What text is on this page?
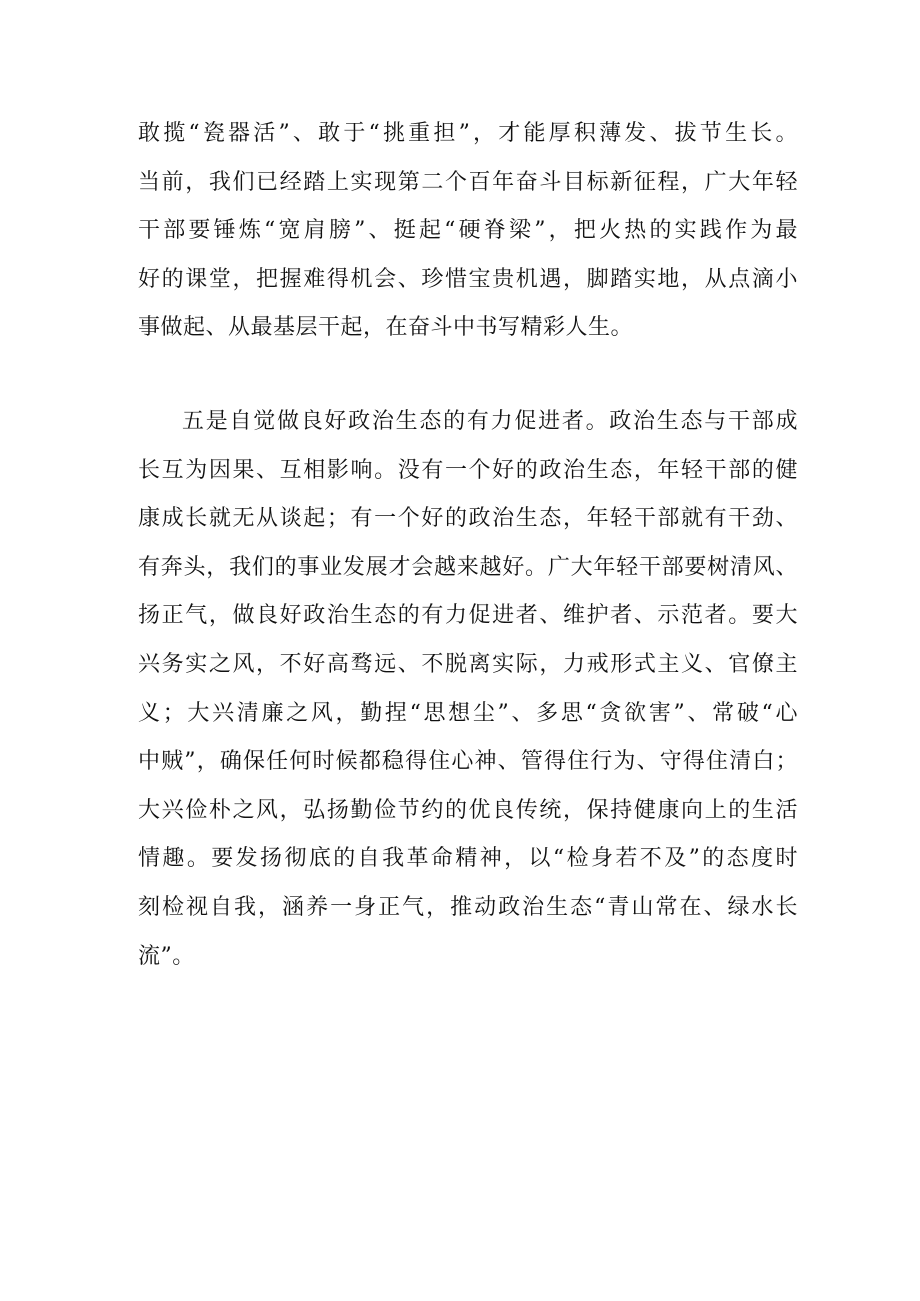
敢揽“瓷器活”、敢于“挑重担”，才能厚积薄发、拔节生长。
当前，我们已经踏上实现第二个百年奋斗目标新征程，广大年轻
干部要锤炼“宽肩膀”、挺起“硬脊梁”，把火热的实践作为最
好的课堂，把握难得机会、珍惜宝贵机遇，脚踏实地，从点滴小
事做起、从最基层干起，在奋斗中书写精彩人生。
五是自觉做良好政治生态的有力促进者。政治生态与干部成
长互为因果、互相影响。没有一个好的政治生态，年轻干部的健
康成长就无从谈起；有一个好的政治生态，年轻干部就有干劲、
有奔头，我们的事业发展才会越来越好。广大年轻干部要树清风、
扬正气，做良好政治生态的有力促进者、维护者、示范者。要大
兴务实之风，不好高骛远、不脱离实际，力戒形式主义、官僚主
义；大兴清廉之风，勤捏“思想尘”、多思“贪欲害”、常破“心
中贼”，确保任何时候都稳得住心神、管得住行为、守得住清白；
大兴俭朴之风，弘扬勤俭节约的优良传统，保持健康向上的生活
情趣。要发扬彻底的自我革命精神，以“检身若不及”的态度时
刻检视自我，涵养一身正气，推动政治生态“青山常在、绿水长
流”。
